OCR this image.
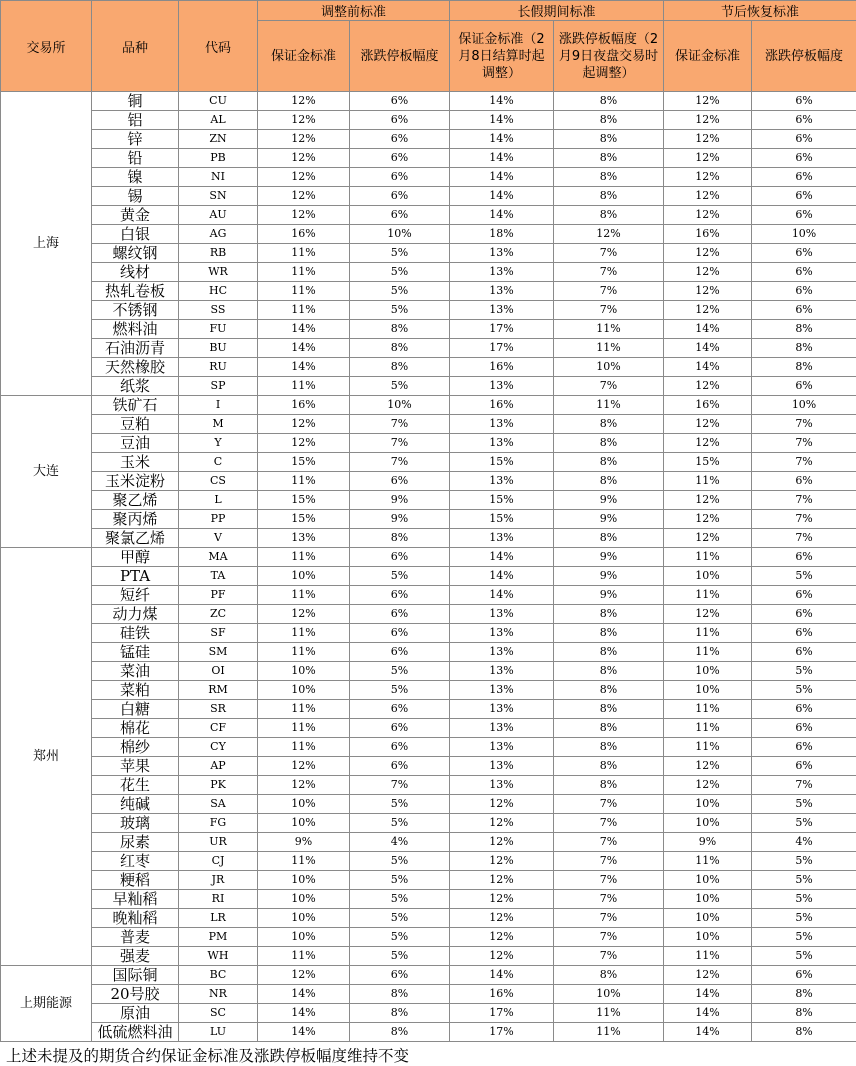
交易所	品种	代码	调整前标准		长假期间标准		节后恢复标准	
			保证金标准	涨跌停板幅度	保证金标准（2月8日结算时起调整）	涨跌停板幅度（2月9日夜盘交易时起调整）	保证金标准	涨跌停板幅度
上海	铜	CU	12%	6%	14%	8%	12%	6%
	铝	AL	12%	6%	14%	8%	12%	6%
	锌	ZN	12%	6%	14%	8%	12%	6%
	铅	PB	12%	6%	14%	8%	12%	6%
	镍	NI	12%	6%	14%	8%	12%	6%
	锡	SN	12%	6%	14%	8%	12%	6%
	黄金	AU	12%	6%	14%	8%	12%	6%
	白银	AG	16%	10%	18%	12%	16%	10%
	螺纹钢	RB	11%	5%	13%	7%	12%	6%
	线材	WR	11%	5%	13%	7%	12%	6%
	热轧卷板	HC	11%	5%	13%	7%	12%	6%
	不锈钢	SS	11%	5%	13%	7%	12%	6%
	燃料油	FU	14%	8%	17%	11%	14%	8%
	石油沥青	BU	14%	8%	17%	11%	14%	8%
	天然橡胶	RU	14%	8%	16%	10%	14%	8%
	纸浆	SP	11%	5%	13%	7%	12%	6%
大连	铁矿石	I	16%	10%	16%	11%	16%	10%
	豆粕	M	12%	7%	13%	8%	12%	7%
	豆油	Y	12%	7%	13%	8%	12%	7%
	玉米	C	15%	7%	15%	8%	15%	7%
	玉米淀粉	CS	11%	6%	13%	8%	11%	6%
	聚乙烯	L	15%	9%	15%	9%	12%	7%
	聚丙烯	PP	15%	9%	15%	9%	12%	7%
	聚氯乙烯	V	13%	8%	13%	8%	12%	7%
郑州	甲醇	MA	11%	6%	14%	9%	11%	6%
	PTA	TA	10%	5%	14%	9%	10%	5%
	短纤	PF	11%	6%	14%	9%	11%	6%
	动力煤	ZC	12%	6%	13%	8%	12%	6%
	硅铁	SF	11%	6%	13%	8%	11%	6%
	锰硅	SM	11%	6%	13%	8%	11%	6%
	菜油	OI	10%	5%	13%	8%	10%	5%
	菜粕	RM	10%	5%	13%	8%	10%	5%
	白糖	SR	11%	6%	13%	8%	11%	6%
	棉花	CF	11%	6%	13%	8%	11%	6%
	棉纱	CY	11%	6%	13%	8%	11%	6%
	苹果	AP	12%	6%	13%	8%	12%	6%
	花生	PK	12%	7%	13%	8%	12%	7%
	纯碱	SA	10%	5%	12%	7%	10%	5%
	玻璃	FG	10%	5%	12%	7%	10%	5%
	尿素	UR	9%	4%	12%	7%	9%	4%
	红枣	CJ	11%	5%	12%	7%	11%	5%
	粳稻	JR	10%	5%	12%	7%	10%	5%
	早籼稻	RI	10%	5%	12%	7%	10%	5%
	晚籼稻	LR	10%	5%	12%	7%	10%	5%
	普麦	PM	10%	5%	12%	7%	10%	5%
	强麦	WH	11%	5%	12%	7%	11%	5%
上期能源	国际铜	BC	12%	6%	14%	8%	12%	6%
	20号胶	NR	14%	8%	16%	10%	14%	8%
	原油	SC	14%	8%	17%	11%	14%	8%
	低硫燃料油	LU	14%	8%	17%	11%	14%	8%
上述未提及的期货合约保证金标准及涨跌停板幅度维持不变
